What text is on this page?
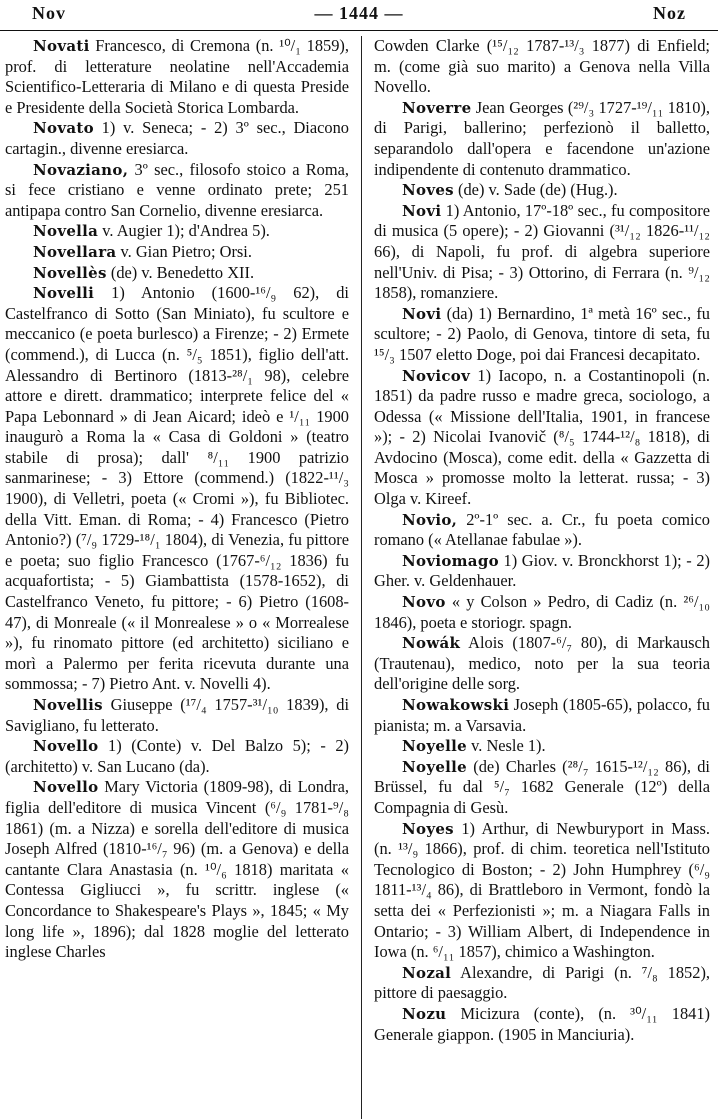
Nov	— 1444 —	Noz

Novati Francesco, di Cremona (n. ¹⁰/₁ 1859), prof. di letterature neolatine nell'Accademia Scientifico-Letteraria di Milano e di questa Preside e Presidente della Società Storica Lombarda.

Novato 1) v. Seneca; - 2) 3º sec., Diacono cartagin., divenne eresiarca.

Novaziano, 3º sec., filosofo stoico a Roma, si fece cristiano e venne ordinato prete; 251 antipapa contro San Cornelio, divenne eresiarca.

Novella v. Augier 1); d'Andrea 5).

Novellara v. Gian Pietro; Orsi.

Novellès (de) v. Benedetto XII.

Novelli 1) Antonio (1600-¹⁶/₉ 62), di Castelfranco di Sotto (San Miniato), fu scultore e meccanico (e poeta burlesco) a Firenze; - 2) Ermete (commend.), di Lucca (n. ⁵/₅ 1851), figlio dell'att. Alessandro di Bertinoro (1813-²⁸/₁ 98), celebre attore e dirett. drammatico; interprete felice del « Papa Lebonnard » di Jean Aicard; ideò e ¹/₁₁ 1900 inaugurò a Roma la « Casa di Goldoni » (teatro stabile di prosa); dall' ⁸/₁₁ 1900 patrizio sanmarinese; - 3) Ettore (commend.) (1822-¹¹/₃ 1900), di Velletri, poeta (« Cromi »), fu Bibliotec. della Vitt. Eman. di Roma; - 4) Francesco (Pietro Antonio?) (⁷/₉ 1729-¹⁸/₁ 1804), di Venezia, fu pittore e poeta; suo figlio Francesco (1767-⁶/₁₂ 1836) fu acquafortista; - 5) Giambattista (1578-1652), di Castelfranco Veneto, fu pittore; - 6) Pietro (1608-47), di Monreale (« il Monrealese » o « Morrealese »), fu rinomato pittore (ed architetto) siciliano e morì a Palermo per ferita ricevuta durante una sommossa; - 7) Pietro Ant. v. Novelli 4).

Novellis Giuseppe (¹⁷/₄ 1757-³¹/₁₀ 1839), di Savigliano, fu letterato.

Novello 1) (Conte) v. Del Balzo 5); - 2) (architetto) v. San Lucano (da).

Novello Mary Victoria (1809-98), di Londra, figlia dell'editore di musica Vincent (⁶/₉ 1781-⁹/₈ 1861) (m. a Nizza) e sorella dell'editore di musica Joseph Alfred (1810-¹⁶/₇ 96) (m. a Genova) e della cantante Clara Anastasia (n. ¹⁰/₆ 1818) maritata « Contessa Gigliucci », fu scrittr. inglese (« Concordance to Shakespeare's Plays », 1845; « My long life », 1896); dal 1828 moglie del letterato inglese Charles

Cowden Clarke (¹⁵/₁₂ 1787-¹³/₃ 1877) di Enfield; m. (come già suo marito) a Genova nella Villa Novello.

Noverre Jean Georges (²⁹/₃ 1727-¹⁹/₁₁ 1810), di Parigi, ballerino; perfezionò il balletto, separandolo dall'opera e facendone un'azione indipendente di contenuto drammatico.

Noves (de) v. Sade (de) (Hug.).

Novi 1) Antonio, 17º-18º sec., fu compositore di musica (5 opere); - 2) Giovanni (³¹/₁₂ 1826-¹¹/₁₂ 66), di Napoli, fu prof. di algebra superiore nell'Univ. di Pisa; - 3) Ottorino, di Ferrara (n. ⁹/₁₂ 1858), romanziere.

Novi (da) 1) Bernardino, 1ª metà 16º sec., fu scultore; - 2) Paolo, di Genova, tintore di seta, fu ¹⁵/₃ 1507 eletto Doge, poi dai Francesi decapitato.

Novicov 1) Iacopo, n. a Costantinopoli (n. 1851) da padre russo e madre greca, sociologo, a Odessa (« Missione dell'Italia, 1901, in francese »); - 2) Nicolai Ivanovič (⁸/₅ 1744-¹²/₈ 1818), di Avdocino (Mosca), come edit. della « Gazzetta di Mosca » promosse molto la letterat. russa; - 3) Olga v. Kireef.

Novio, 2º-1º sec. a. Cr., fu poeta comico romano (« Atellanae fabulae »).

Noviomago 1) Giov. v. Bronckhorst 1); - 2) Gher. v. Geldenhauer.

Novo « y Colson » Pedro, di Cadiz (n. ²⁶/₁₀ 1846), poeta e storiogr. spagn.

Nowák Alois (1807-⁶/₇ 80), di Markausch (Trautenau), medico, noto per la sua teoria dell'origine delle sorg.

Nowakowski Joseph (1805-65), polacco, fu pianista; m. a Varsavia.

Noyelle v. Nesle 1).

Noyelle (de) Charles (²⁸/₇ 1615-¹²/₁₂ 86), di Brüssel, fu dal ⁵/₇ 1682 Generale (12º) della Compagnia di Gesù.

Noyes 1) Arthur, di Newburyport in Mass. (n. ¹³/₉ 1866), prof. di chim. teoretica nell'Istituto Tecnologico di Boston; - 2) John Humphrey (⁶/₉ 1811-¹³/₄ 86), di Brattleboro in Vermont, fondò la setta dei « Perfezionisti »; m. a Niagara Falls in Ontario; - 3) William Albert, di Independence in Iowa (n. ⁶/₁₁ 1857), chimico a Washington.

Nozal Alexandre, di Parigi (n. ⁷/₈ 1852), pittore di paesaggio.

Nozu Micizura (conte), (n. ³⁰/₁₁ 1841) Generale giappon. (1905 in Manciuria).
